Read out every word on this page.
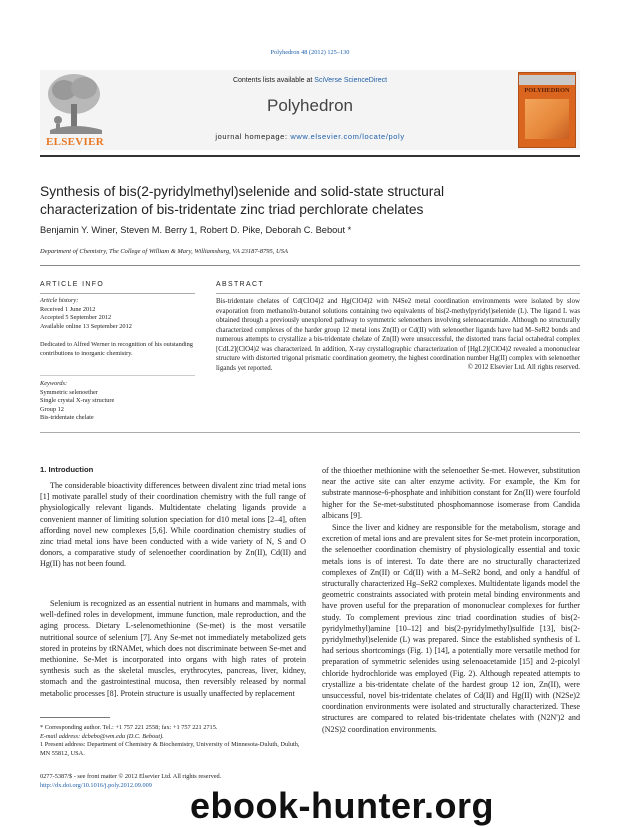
Polyhedron 48 (2012) 125–130
Contents lists available at SciVerse ScienceDirect
Polyhedron
journal homepage: www.elsevier.com/locate/poly
ELSEVIER
POLYHEDRON
Synthesis of bis(2-pyridylmethyl)selenide and solid-state structural
characterization of bis-tridentate zinc triad perchlorate chelates
Benjamin Y. Winer, Steven M. Berry 1, Robert D. Pike, Deborah C. Bebout *
Department of Chemistry, The College of William & Mary, Williamsburg, VA 23187-8795, USA
ARTICLE INFO
Article history:
Received 1 June 2012
Accepted 5 September 2012
Available online 13 September 2012
Dedicated to Alfred Werner in recognition of his outstanding contributions to inorganic chemistry.
Keywords:
Symmetric selenoether
Single crystal X-ray structure
Group 12
Bis-tridentate chelate
ABSTRACT
Bis-tridentate chelates of Cd(ClO4)2 and Hg(ClO4)2 with N4Se2 metal coordination environments were isolated by slow evaporation from methanol/n-butanol solutions containing two equivalents of bis(2-methylpyridyl)selenide (L). The ligand L was obtained through a previously unexplored pathway to symmetric selenoethers involving selenoacetamide. Although no structurally characterized complexes of the harder group 12 metal ions Zn(II) or Cd(II) with selenoether ligands have had M–SeR2 bonds and numerous attempts to crystallize a bis-tridentate chelate of Zn(II) were unsuccessful, the distorted trans facial octahedral complex [CdL2](ClO4)2 was characterized. In addition, X-ray crystallographic characterization of [HgL2](ClO4)2 revealed a mononuclear structure with distorted trigonal prismatic coordination geometry, the highest coordination number Hg(II) complex with selenoether ligands yet reported.	© 2012 Elsevier Ltd. All rights reserved.
1. Introduction

The considerable bioactivity differences between divalent zinc triad metal ions [1] motivate parallel study of their coordination chemistry with the full range of physiologically relevant ligands. Multidentate chelating ligands provide a convenient manner of limiting solution speciation for d10 metal ions [2–4], often affording novel new complexes [5,6]. While coordination chemistry studies of zinc triad metal ions have been conducted with a wide variety of N, S and O donors, a comparative study of selenoether coordination by Zn(II), Cd(II) and Hg(II) has not been found.

Selenium is recognized as an essential nutrient in humans and mammals, with well-defined roles in development, immune function, male reproduction, and the aging process. Dietary L-selenomethionine (Se-met) is the most versatile nutritional source of selenium [7]. Any Se-met not immediately metabolized gets stored in proteins by tRNAMet, which does not discriminate between Se-met and methionine. Se-Met is incorporated into organs with high rates of protein synthesis such as the skeletal muscles, erythrocytes, pancreas, liver, kidney, stomach and the gastrointestinal mucosa, then reversibly released by normal metabolic processes [8]. Protein structure is usually unaffected by replacement

of the thioether methionine with the selenoether Se-met. However, substitution near the active site can alter enzyme activity. For example, the Km for substrate mannose-6-phosphate and inhibition constant for Zn(II) were fourfold higher for the Se-met-substituted phosphomannose isomerase from Candida albicans [9].

Since the liver and kidney are responsible for the metabolism, storage and excretion of metal ions and are prevalent sites for Se-met protein incorporation, the selenoether coordination chemistry of physiologically essential and toxic metals ions is of interest. To date there are no structurally characterized complexes of Zn(II) or Cd(II) with a M–SeR2 bond, and only a handful of structurally characterized Hg–SeR2 complexes. Multidentate ligands model the geometric constraints associated with protein metal binding environments and have proven useful for the preparation of mononuclear complexes for further study. To complement previous zinc triad coordination studies of bis(2-pyridylmethyl)amine [10–12] and bis(2-pyridylmethyl)sulfide [13], bis(2-pyridylmethyl)selenide (L) was prepared. Since the established synthesis of L had serious shortcomings (Fig. 1) [14], a potentially more versatile method for preparation of symmetric selenides using selenoacetamide [15] and 2-picolyl chloride hydrochloride was employed (Fig. 2). Although repeated attempts to crystallize a bis-tridentate chelate of the hardest group 12 ion, Zn(II), were unsuccessful, novel bis-tridentate chelates of Cd(II) and Hg(II) with (N2Se)2 coordination environments were isolated and structurally characterized. These structures are compared to related bis-tridentate chelates with (N2N')2 and (N2S)2 coordination environments.

* Corresponding author. Tel.: +1 757 221 2558; fax: +1 757 221 2715.
E-mail address: dcbebo@wm.edu (D.C. Bebout).
1 Present address: Department of Chemistry & Biochemistry, University of Minnesota-Duluth, Duluth, MN 55812, USA.
0277-5387/$ - see front matter © 2012 Elsevier Ltd. All rights reserved.
http://dx.doi.org/10.1016/j.poly.2012.09.009	ebook-hunter.org
